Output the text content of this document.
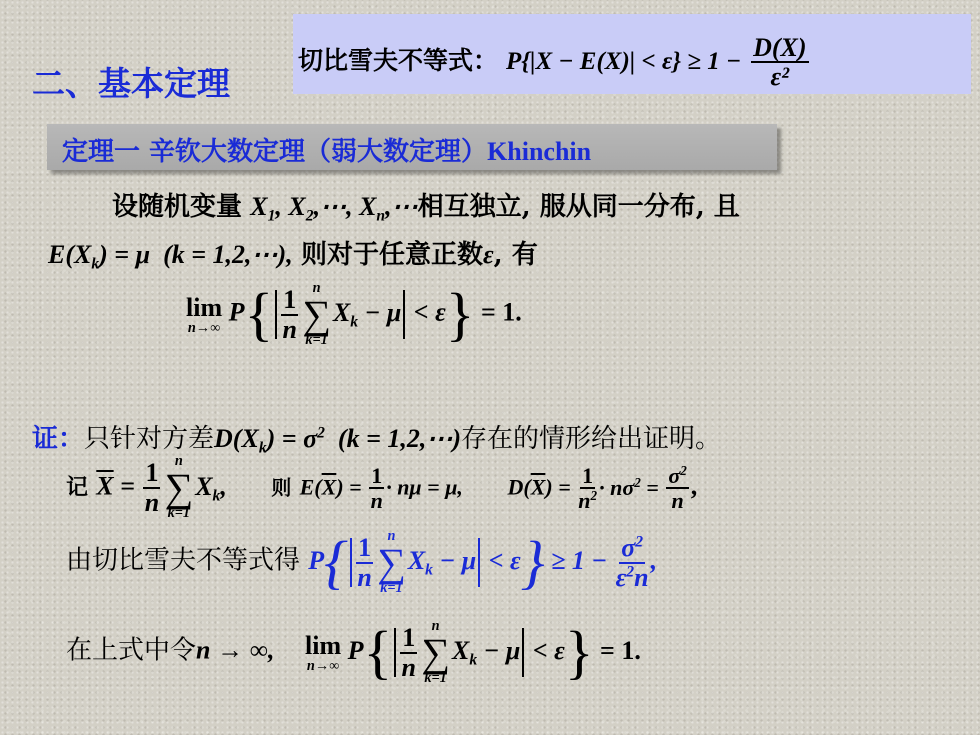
切比雪夫不等式： $P\{|X - E(X)| < \varepsilon\} \ge 1 - \frac{D(X)}{\text{ε²}}$
二、基本定理
定理一 辛钦大数定理（弱大数定理）Khinchin
设随机变量 $X_1$, $X_2,\cdots$, $X_n,\cdots$相互独立, 服从同一分布, 且
$E(X_k) = \mu$  (k = 1,2,⋯), 则对于任意正数ε, 有
lim
n→∞
$P\{ \frac{1}{n}$ n
∑
k=1
$X_k - \mu < \varepsilon\} = 1$.
证：只针对方差$D(X_k) = \sigma^2$  (k = 1,2,⋯)存在的情形给出证明。
记 $\overline{X} = \frac{1}{n}$ n
∑
k=1
$X_k$, 则 $E(\overline{X}) = \frac{1}{n} \cdot n\mu = \mu$, $D(\overline{X}) = \frac{1}{n^2} \cdot n\sigma^2 = \frac{\sigma^2}{n}$ ,
由切比雪夫不等式得 $P\{ \frac{1}{n}$ n
∑
k=1
$X_k - \mu < \varepsilon\} \ge 1 - \frac{\sigma^2}{\varepsilon^2n}$ ,
在上式中令n → ∞, lim
n→∞
$P\{ \frac{1}{n}$ n
∑
k=1
$X_k - \mu < \varepsilon\} = 1$.
